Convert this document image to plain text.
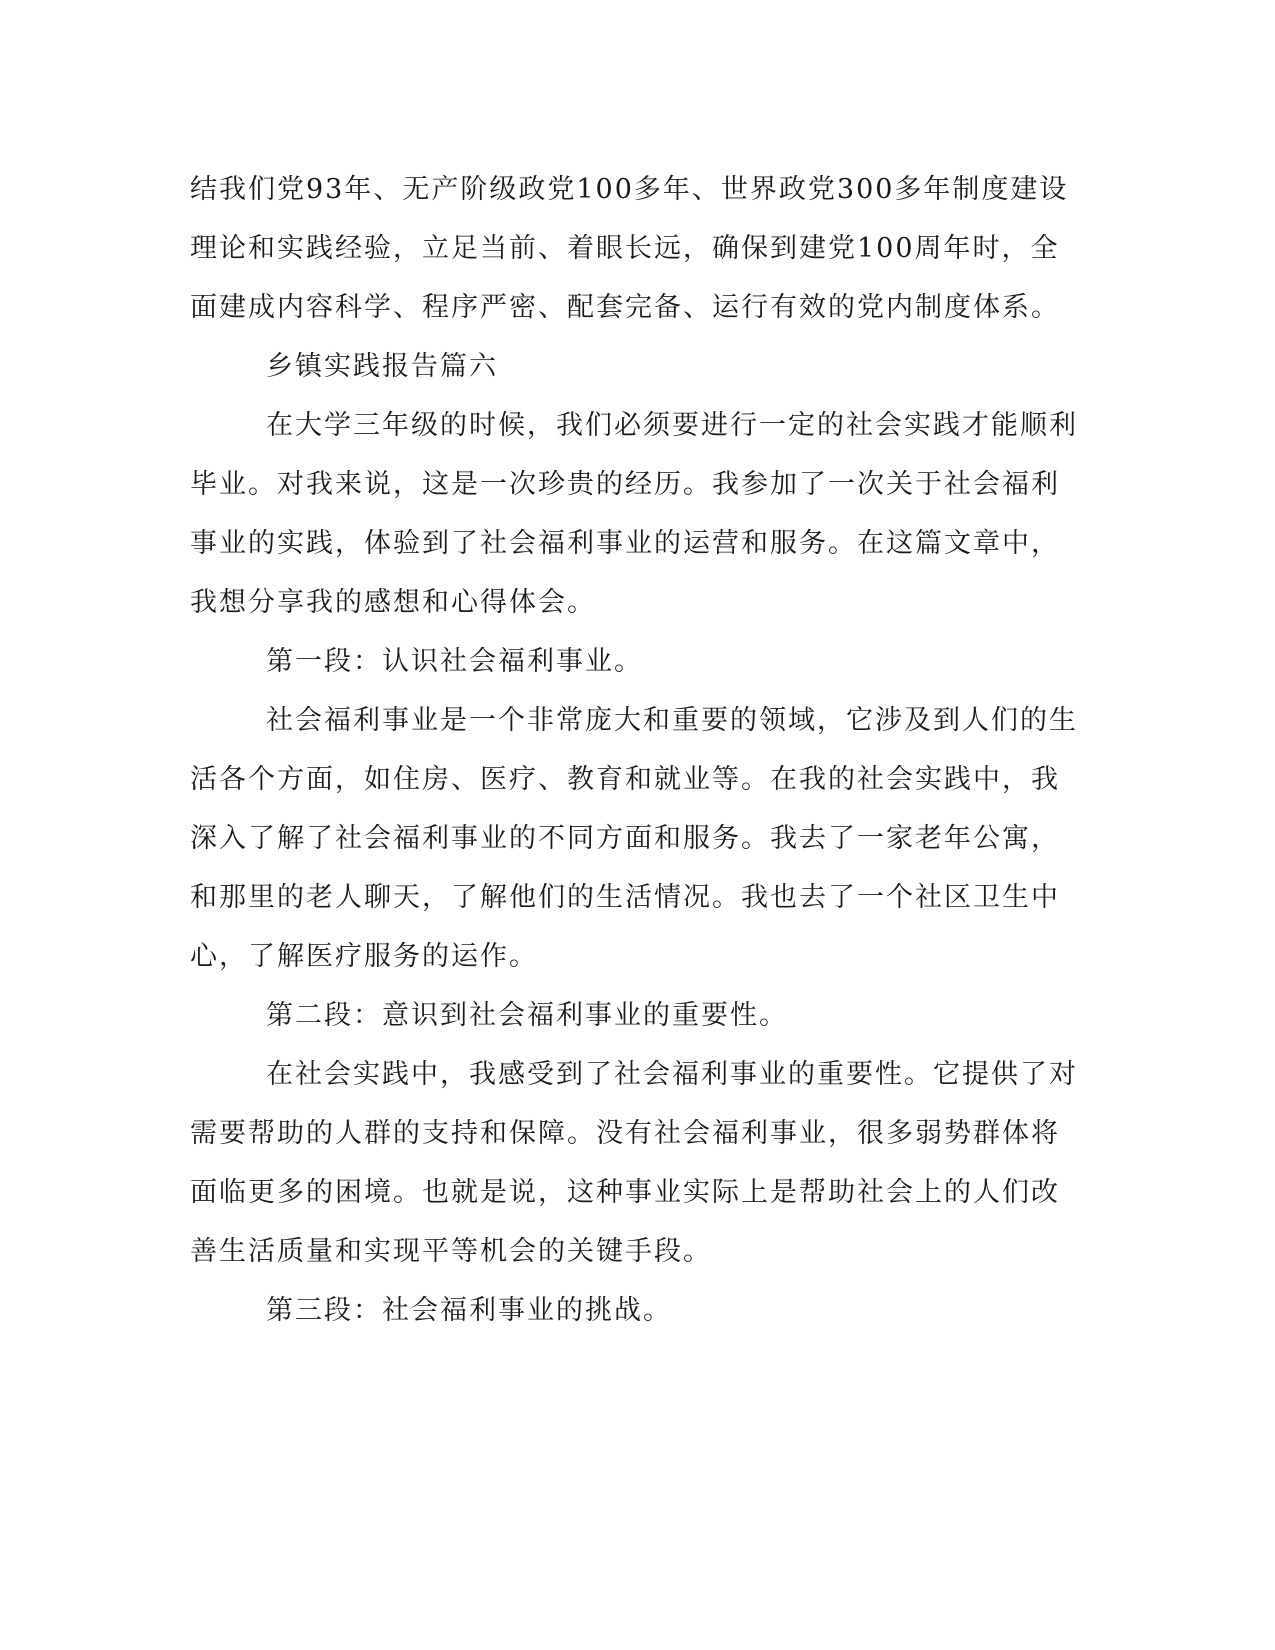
结我们党93年、无产阶级政党100多年、世界政党300多年制度建设
理论和实践经验，立足当前、着眼长远，确保到建党100周年时，全
面建成内容科学、程序严密、配套完备、运行有效的党内制度体系。
乡镇实践报告篇六
在大学三年级的时候，我们必须要进行一定的社会实践才能顺利
毕业。对我来说，这是一次珍贵的经历。我参加了一次关于社会福利
事业的实践，体验到了社会福利事业的运营和服务。在这篇文章中，
我想分享我的感想和心得体会。
第一段：认识社会福利事业。
社会福利事业是一个非常庞大和重要的领域，它涉及到人们的生
活各个方面，如住房、医疗、教育和就业等。在我的社会实践中，我
深入了解了社会福利事业的不同方面和服务。我去了一家老年公寓，
和那里的老人聊天，了解他们的生活情况。我也去了一个社区卫生中
心，了解医疗服务的运作。
第二段：意识到社会福利事业的重要性。
在社会实践中，我感受到了社会福利事业的重要性。它提供了对
需要帮助的人群的支持和保障。没有社会福利事业，很多弱势群体将
面临更多的困境。也就是说，这种事业实际上是帮助社会上的人们改
善生活质量和实现平等机会的关键手段。
第三段：社会福利事业的挑战。
